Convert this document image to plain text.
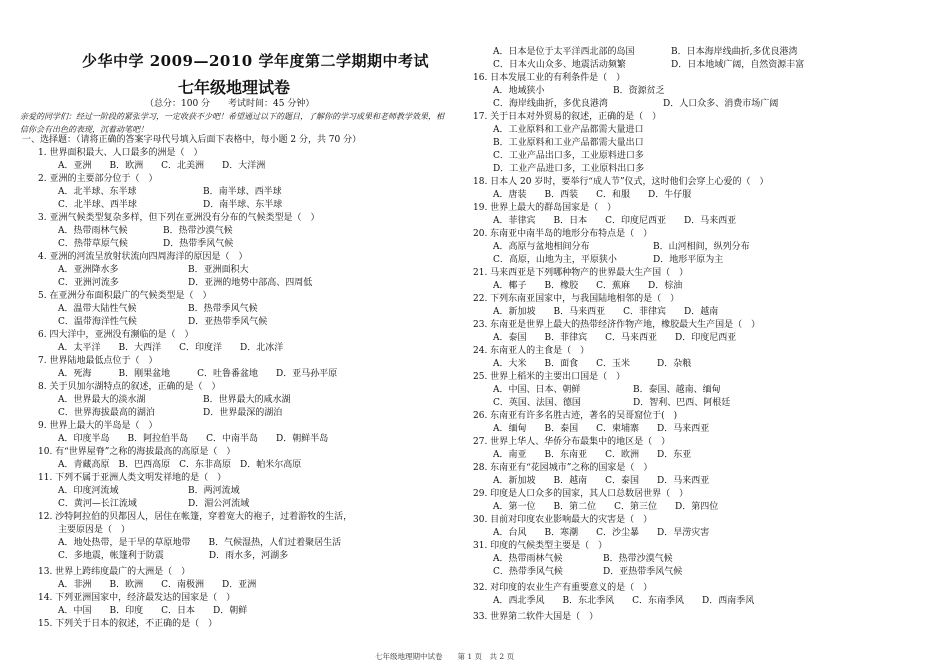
少华中学 2009—2010 学年度第二学期期中考试
七年级地理试卷
（总分：100 分　　考试时间：45 分钟）
亲爱的同学们：经过一阶段的紧张学习，一定收获不少吧！希望通过以下的题目，了解你的学习成果和老师教学效果，相信你会有出色的表现，沉着动笔吧！
一、选择题：（请将正确的答案字母代号填入后面下表格中，每小题 2 分，共 70 分）
1. 世界面积最大、人口最多的洲是（　）
A．亚洲　　B．欧洲　　C．北美洲　　D．大洋洲
2. 亚洲的主要部分位于（　）
A．北半球、东半球	B．南半球、西半球
C．北半球、西半球	D．南半球、东半球
3. 亚洲气候类型复杂多样，但下列在亚洲没有分布的气候类型是（　）
A．热带雨林气候	B．热带沙漠气候
C．热带草原气候	D．热带季风气候
4. 亚洲的河流呈放射状流向四周海洋的原因是（　）
A．亚洲降水多	B．亚洲面积大
C．亚洲河流多	D．亚洲的地势中部高、四周低
5. 在亚洲分布面积最广的气候类型是（　）
A．温带大陆性气候	B．热带季风气候
C．温带海洋性气候	D．亚热带季风气候
6. 四大洋中，亚洲没有濒临的是（　）
A．太平洋　　B．大西洋　　C．印度洋　　D．北冰洋
7. 世界陆地最低点位于（　）
A．死海　　　B．刚果盆地　　　C．吐鲁番盆地　　D．亚马孙平原
8. 关于贝加尔湖特点的叙述，正确的是（　）
A．世界最大的淡水湖	B．世界最大的咸水湖
C．世界海拔最高的湖泊	D．世界最深的湖泊
9. 世界上最大的半岛是（　）
A．印度半岛　　B．阿拉伯半岛　　C．中南半岛　　D．朝鲜半岛
10. 有“世界屋脊”之称的海拔最高的高原是（　）
A．青藏高原　B．巴西高原　C．东非高原　D．帕米尔高原
11. 下列不属于亚洲人类文明发祥地的是（　）
A．印度河流域	B．两河流域
C．黄河—长江流域	D．湄公河流域
12. 沙特阿拉伯的贝都因人，居住在帐篷，穿着宽大的袍子，过着游牧的生活，
主要原因是（　）
A．地处热带，是干旱的草原地带　　B．气候湿热，人们过着聚居生活
C．多地震，帐篷利于防震　　　　　D．雨水多，河湖多
13. 世界上跨纬度最广的大洲是（　）
A．非洲　　B．欧洲　　C．南极洲　　D．亚洲
14. 下列亚洲国家中，经济最发达的国家是（　）
A．中国　　B．印度　　C．日本　　D．朝鲜
15. 下列关于日本的叙述，不正确的是（　）
A．日本是位于太平洋西北部的岛国	B．日本海岸线曲折,多优良港湾
C．日本火山众多、地震活动频繁	D．日本地域广阔，自然资源丰富
16. 日本发展工业的有利条件是（　）
A．地域狭小	B．资源贫乏
C．海岸线曲折，多优良港湾	D．人口众多、消费市场广阔
17. 关于日本对外贸易的叙述，正确的是（　）
A．工业原料和工业产品都需大量进口
B．工业原料和工业产品都需大量出口
C．工业产品出口多，工业原料进口多
D．工业产品进口多，工业原料出口多
18. 日本人 20 岁时，要举行“成人节”仪式，这时他们会穿上心爱的（　）
A．唐装　　B．西装　　C．和服　　D．牛仔服
19. 世界上最大的群岛国家是（　）
A．菲律宾　　B．日本　　C．印度尼西亚　　D．马来西亚
20. 东南亚中南半岛的地形分布特点是（　）
A．高原与盆地相间分布	B．山河相间，纵列分布
C．高原，山地为主，平原狭小	D．地形平原为主
21. 马来西亚是下列哪种物产的世界最大生产国（　）
A．椰子　　B．橡胶　　C．蕉麻　　D．棕油
22. 下列东南亚国家中，与我国陆地相邻的是（　）
A．新加坡　　B．马来西亚　　C．菲律宾　　D．越南
23. 东南亚是世界上最大的热带经济作物产地，橡胶最大生产国是（　）
A．泰国　　B．菲律宾　　C．马来西亚　　D．印度尼西亚
24. 东南亚人的主食是（　）
A．大米　　B．面食　　C．玉米　　　D．杂粮
25. 世界上稻米的主要出口国是（　）
A．中国、日本、朝鲜	B．泰国、越南、缅甸
C．英国、法国、德国	D．智利、巴西、阿根廷
26. 东南亚有许多名胜古迹，著名的吴哥窟位于(　)
A．缅甸　　B．泰国　　C．柬埔寨　　D．马来西亚
27. 世界上华人、华侨分布最集中的地区是（　）
A．南亚　　B．东南亚　　C．欧洲　　D．东亚
28. 东南亚有“花园城市”之称的国家是（　）
A．新加坡　　B．越南　　C．泰国　　D．马来西亚
29. 印度是人口众多的国家，其人口总数居世界（　）
A．第一位　　B．第二位　　C．第三位　　D．第四位
30. 目前对印度农业影响最大的灾害是（　）
A．台风　　B．寒潮　　C．沙尘暴　　D．旱涝灾害
31. 印度的气候类型主要是（　）
A．热带雨林气候	B．热带沙漠气候
C．热带季风气候	D．亚热带季风气候
32. 对印度的农业生产有重要意义的是（　）
A．西北季风　　B．东北季风　　C．东南季风　　D．西南季风
33. 世界第二软件大国是（　）
七年级地理期中试卷　　第 1 页　共 2 页
